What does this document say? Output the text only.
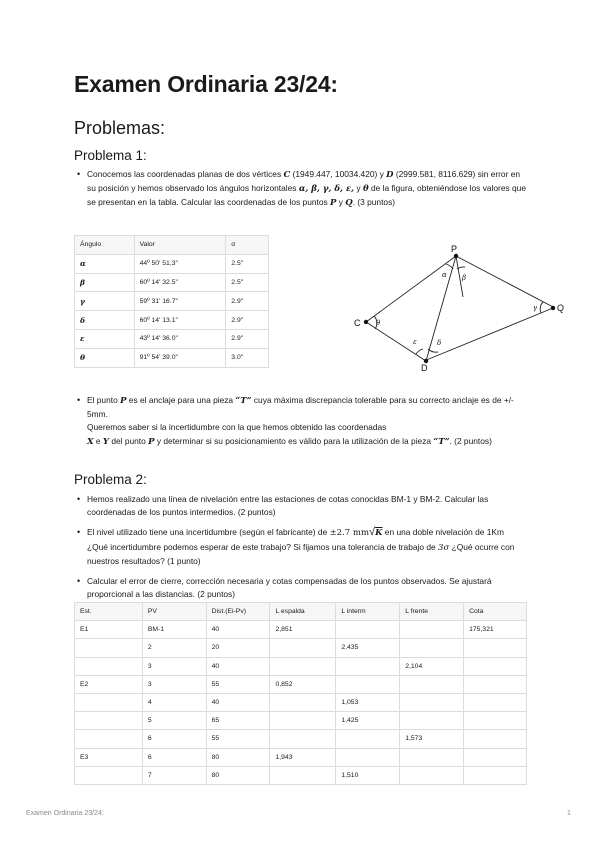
Examen Ordinaria 23/24:
Problemas:
Problema 1:
• Conocemos las coordenadas planas de dos vértices C (1949.447, 10034.420) y D (2999.581, 8116.629) sin error en su posición y hemos observado los ángulos horizontales α, β, γ, δ, ε, y θ de la figura, obteniéndose los valores que se presentan en la tabla. Calcular las coordenadas de los puntos P y Q. (3 puntos)
Ángulo	Valor	σ
α	44º 50' 51,3''	2.5''
β	60º 14' 32.5''	2.5''
γ	59º 31' 16.7''	2.9''
δ	60º 14' 13.1''	2.9''
ε	43º 14' 36.0''	2.9''
θ	91º 54' 39.0''	3.0''
P
Q
C
D
α β
γ
δ
ε
θ
• El punto P es el anclaje para una pieza “T” cuya máxima discrepancia tolerable para su correcto anclaje es de +/- 5mm.
Queremos saber si la incertidumbre con la que hemos obtenido las coordenadas
X e Y del punto P y determinar si su posicionamiento es válido para la utilización de la pieza “T”. (2 puntos)
Problema 2:
• Hemos realizado una línea de nivelación entre las estaciones de cotas conocidas BM-1 y BM-2. Calcular las coordenadas de los puntos intermedios. (2 puntos)
• El nivel utilizado tiene una incertidumbre (según el fabricante) de ±2.7 mm√K en una doble nivelación de 1Km ¿Qué incertidumbre podemos esperar de este trabajo? Si fijamos una tolerancia de trabajo de 3σ ¿Qué ocurre con nuestros resultados? (1 punto)
• Calcular el error de cierre, corrección necesaria y cotas compensadas de los puntos observados. Se ajustará proporcional a las distancias. (2 puntos)
Est.	PV	Dist.(Ei-Pv)	L espalda	L interm	L frente	Cota
E1	BM-1	40	2,851			175,321
	2	20		2,435		
	3	40			2,104	
E2	3	55	0,852			
	4	40		1,053		
	5	65		1,425		
	6	55			1,573	
E3	6	80	1,943			
	7	80		1,510		
Examen Ordinaria 23/24:	1
